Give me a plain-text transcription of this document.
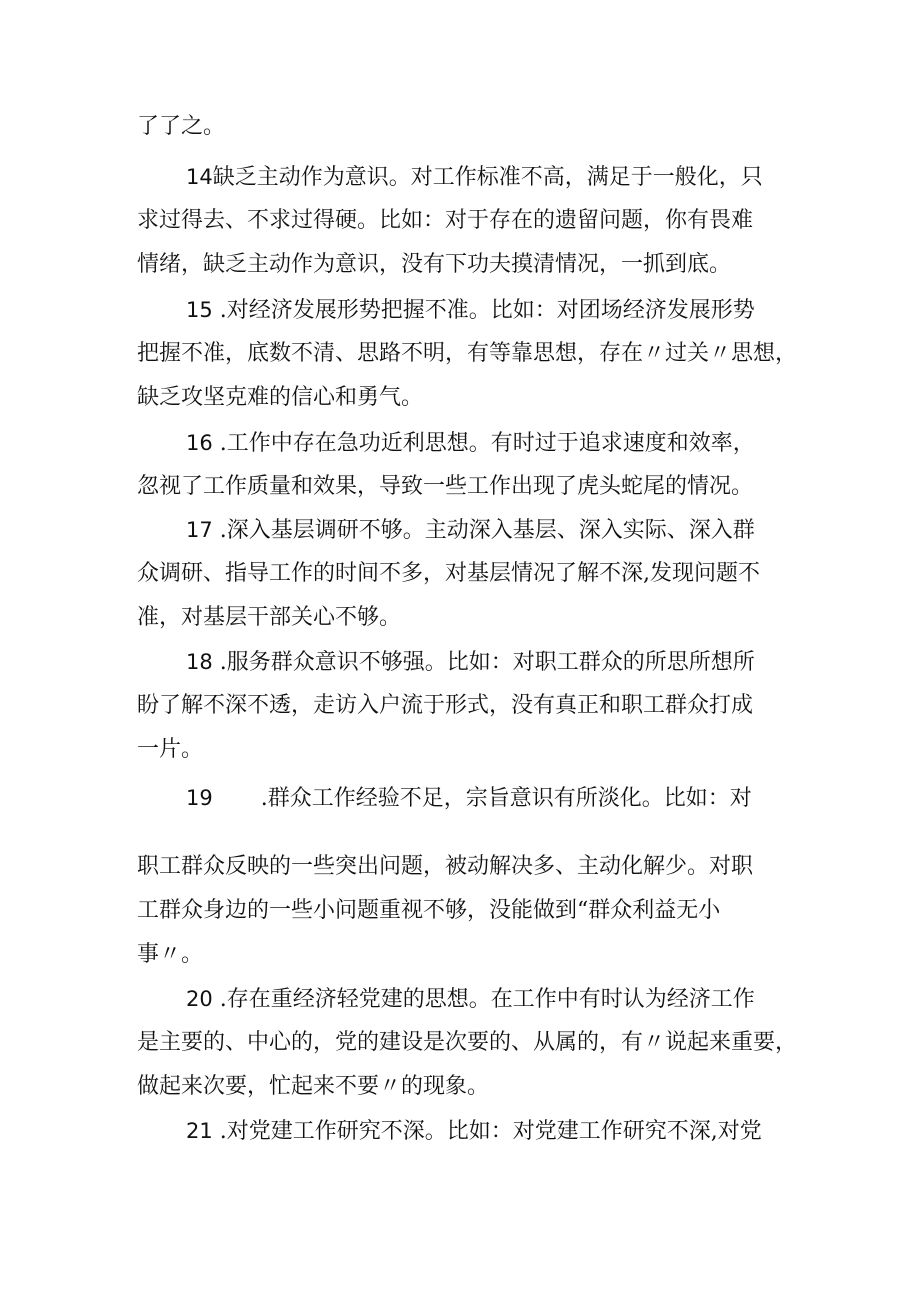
了了之。

14缺乏主动作为意识。对工作标准不高，满足于一般化，只

求过得去、不求过得硬。比如：对于存在的遗留问题，你有畏难

情绪，缺乏主动作为意识，没有下功夫摸清情况，一抓到底。

15 .对经济发展形势把握不准。比如：对团场经济发展形势

把握不准，底数不清、思路不明，有等靠思想，存在〃过关〃思想，

缺乏攻坚克难的信心和勇气。

16 .工作中存在急功近利思想。有时过于追求速度和效率，

忽视了工作质量和效果，导致一些工作出现了虎头蛇尾的情况。

17 .深入基层调研不够。主动深入基层、深入实际、深入群

众调研、指导工作的时间不多，对基层情况了解不深,发现问题不

准，对基层干部关心不够。

18 .服务群众意识不够强。比如：对职工群众的所思所想所

盼了解不深不透，走访入户流于形式，没有真正和职工群众打成

一片。

19 .群众工作经验不足，宗旨意识有所淡化。比如：对

职工群众反映的一些突出问题，被动解决多、主动化解少。对职

工群众身边的一些小问题重视不够，没能做到“群众利益无小

事〃。

20 .存在重经济轻党建的思想。在工作中有时认为经济工作

是主要的、中心的，党的建设是次要的、从属的，有〃说起来重要，

做起来次要，忙起来不要〃的现象。

21 .对党建工作研究不深。比如：对党建工作研究不深,对党
